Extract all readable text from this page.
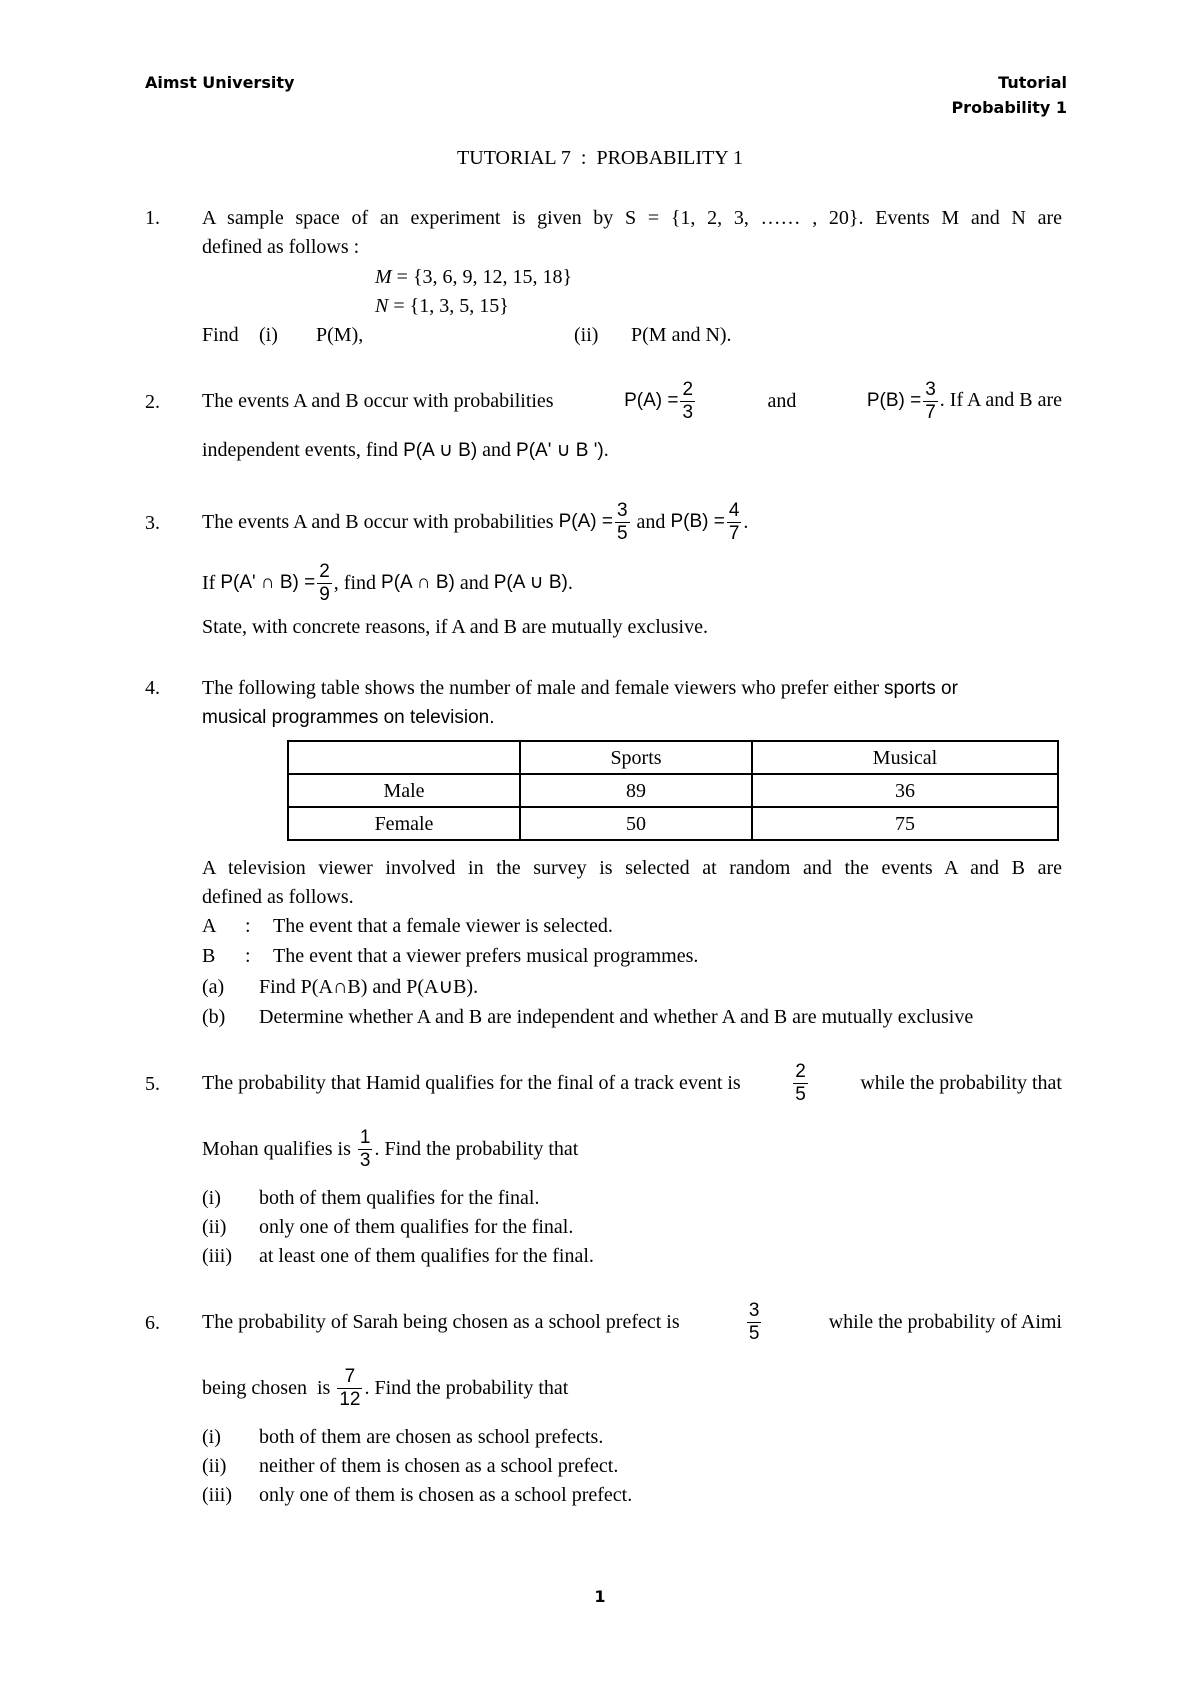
Aimst University	Tutorial
Probability 1
TUTORIAL 7  :  PROBABILITY 1
1. A sample space of an experiment is given by S = {1, 2, 3, …… , 20}. Events M and N are
defined as follows :
M = {3, 6, 9, 12, 15, 18}
N = {1, 3, 5, 15}
Find (i) P(M),	(ii) P(M and N).
2. The events A and B occur with probabilities	$P(A) = \frac{2}{3}$	and	$P(B) = \frac{3}{7}$ . If A and B are
independent events, find P(A ∪ B) and P(A' ∪ B ').
3. The events A and B occur with probabilities
$P(A) = \frac{3}{5}$
and
$P(B) = \frac{4}{7}$ .
If
P(A' ∩ $B) = \frac{2}{9}$ , find
P(A ∩ B)
and
P(A ∪ B) .
State, with concrete reasons, if A and B are mutually exclusive.
4. The following table shows the number of male and female viewers who prefer either sports or
musical programmes on television.
	Sports	Musical
Male	89	36
Female	50	75
A television viewer involved in the survey is selected at random and the events A and B are
defined as follows.
A : The event that a female viewer is selected.
B : The event that a viewer prefers musical programmes.
(a) Find P(A∩B) and P(A∪B).
(b) Determine whether A and B are independent and whether A and B are mutually exclusive
5. The probability that Hamid qualifies for the final of a track event is	$\frac{2}{5}$	while the probability that
Mohan qualifies is
$\frac{1}{3}$ . Find the probability that
(i) both of them qualifies for the final.
(ii) only one of them qualifies for the final.
(iii) at least one of them qualifies for the final.
6. The probability of Sarah being chosen as a school prefect is	$\frac{3}{5}$	while the probability of Aimi
being chosen  is
$\frac{7}{12}$ . Find the probability that
(i) both of them are chosen as school prefects.
(ii) neither of them is chosen as a school prefect.
(iii) only one of them is chosen as a school prefect.
1
